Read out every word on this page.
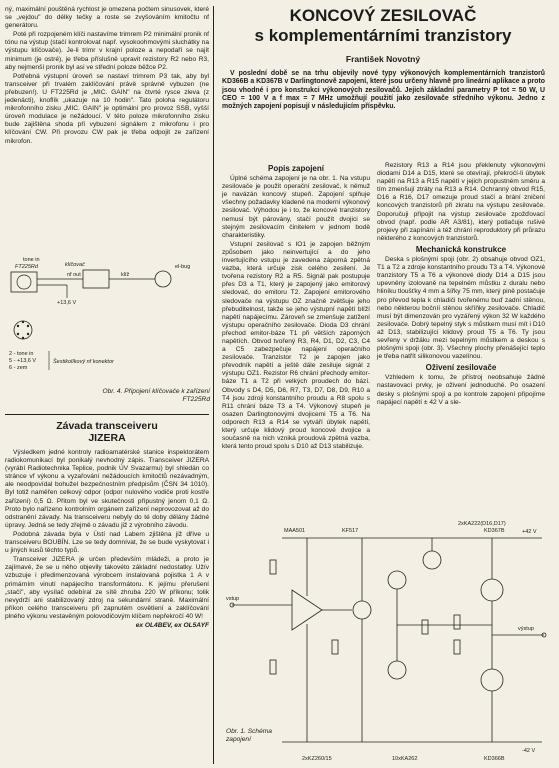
ný, maximální pouštěná rychlost je omezena počtem sinusovek, které se „vejdou" do délky tečky a roste se zvyšováním kmitočtu nf generátoru.

Poté při rozpojeném klíči nastavíme trimrem P2 minimální pronik nf tónu na výstup (stačí kontrolovat např. vysokoohmovými sluchátky na výstupu klíčovače). Je-li trimr v krajní poloze a nepodaří se najít minimum (je ostré), je třeba příslušně upravit rezistory R2 nebo R3, aby nejmenší pronik byl asi ve střední poloze běžce P2.

Potřebná výstupní úroveň se nastaví trimrem P3 tak, aby byl transceiver při trvalém zaklíčování právě správně vybuzen (ne přebuzen!). U FT225Rd je „MIC. GAIN" na čtvrté rysce zleva (z jedenácti), knoflík „ukazuje na 10 hodin". Tato poloha regulátoru mikrofonního zisku „MIC. GAIN" je optimální pro provoz SSB, vyšší úroveň modulace je nežádoucí. V této poloze mikrofonního zisku bude zajištěna shoda při vybuzení signálem z mikrofonu i pro klíčování CW. Při provozu CW pak je třeba odpojit ze zařízení mikrofon.

tone in
FT225Rd
+13,6 V
klíčovač
nf out	klíž
el-bug
2 - tone in
5 - +13,6 V
6 - zem
Šestikolíkový nf konektor
Obr. 4. Připojení klíčovače k zařízení
FT225Rd
Závada transceiveru
JIZERA

Výsledkem jedné kontroly radioamatérské stanice inspektorátem radiokomunikací byl ponikalý nevhodný zápis. Transceiver JIZERA (vyrábí Radiotechnika Teplice, podnik ÚV Svazarmu) byl shledán co stránce vf výkonu a vyzařování nežádoucích kmitočtů nezávadným, ale neodpovídal bohužel bezpečnostním předpisům (ČSN 34 1010). Byl totiž naměřen celkový odpor (odpor nulového vodiče proti kostře zařízení) 0,5 Ω. Přitom byl ve skutečnosti přípustný jenom 0,1 Ω. Proto bylo nařízeno kontrolním orgánem zařízení neprovozovat až do odstranění závady. Na transceiveru nebyly do té doby dělány žádné úpravy. Jedná se tedy zřejmě o závadu již z výrobního závodu.

Podobná závada byla v Ústí nad Labem zjištěna již dříve u transceiveru BOUBÍN. Lze se tedy domnívat, že se bude vyskytovat i u jiných kusů těchto typů.

Transceiver JIZERA je určen především mládeži, a proto je zajímavé, že se u něho objevily takovéto základní nedostatky. Užív vzbuzuje i předimenzovaná výrobcem instalovaná pojistka 1 A v primárním vinutí napájecího transformátoru. K jejímu přerušení „stačí", aby vysílač odebíral ze sítě zhruba 220 W příkonu; tolik nevydrží ani stabilizovaný zdroj na sekundární straně. Maximální příkon celého transceiveru při zapnutém osvětlení a zaklíčování plného výkonu vestavěným polovodičovým klíčem nepřekročí 40 W!

ex OL4BEV, ex OL5AYF
KONCOVÝ ZESILOVAČ
s komplementárními tranzistory
František Novotný

V poslední době se na trhu objevily nové typy výkonových komplementárních tranzistorů KD366B a KD367B v Darlingtonově zapojení, které jsou určeny hlavně pro lineární aplikace a proto jsou vhodné i pro konstrukci výkonových zesilovačů. Jejich základní parametry P tot = 50 W, U CEO = 100 V a f max = 7 MHz umožňují použití jako zesilovače středního výkonu. Jedno z možných zapojení popisují v následujícím příspěvku.

Popis zapojení

Úplné schéma zapojení je na obr. 1. Na vstupu zesilovače je použit operační zesilovač, k němuž je navázán koncový stupeň. Zapojení splňuje všechny požadavky kladené na moderní výkonový zesilovač. Výhodou je i to, že koncové tranzistory nemusí být párovány, stačí použít dvojici se stejným zesilovacím činitelem v jednom bodě charakteristiky.

Vstupní zesilovač s IO1 je zapojen běžným způsobem jako neinvertující a do jeho invertujícího vstupu je zavedena záporná zpětná vazba, která určuje zisk celého zesilení. Je tvořena rezistory R2 a R5. Signál pak postupuje přes D3 a T1, který je zapojený jako emitorový sledovač, do emitoru T2. Zapojení emitorového sledovače na výstupu OZ značně zvětšuje jeho přebuditelnost, takže se jeho výstupní napětí blíží napětí napájecímu. Zároveň se zmenšuje zatížení výstupu operačního zesilovače. Dioda D3 chrání přechod emitor-báze T1 při větších záporných napětích. Obvod tvořený R3, R4, D1, D2, C3, C4 a C5 zabezpečuje napájení operačního zesilovače. Tranzistor T2 je zapojen jako převodník napětí a ještě dále zesiluje signál z výstupu OZ1. Rezistor R6 chrání přechody emitor-báze T1 a T2 při velkých proudech do bází. Obvody s D4, D5, D6, R7, T3, D7, D8, D9, R10 a T4 jsou zdroji konstantního proudu a R8 spolu s R11 chrání báze T3 a T4. Výkonový stupeň je osazen Darlingtonovými dvojicemi T5 a T6. Na odporech R13 a R14 se vytváří úbytek napětí, který určuje klidový proud koncové dvojice a současně na nich vzniká proudová zpětná vazba, která tento proud spolu s D10 až D13 stabilizuje.

Rezistory R13 a R14 jsou překlenuty výkonovými diodami D14 a D15, které se otevírají, překročí-li úbytek napětí na R13 a R15 napětí v jejich propustném směru a tím zmenšují ztráty na R13 a R14. Ochranný obvod R15, D16 a R16, D17 omezuje proud stačí a brání zničení koncových tranzistorů při zkratu na výstupu zesilovače. Doporučuji připojit na výstup zesilovače zpožďovací obvod (např. podle AR A3/81), který potlačuje rušivé projevy při zapínání a též chrání reproduktory při průrazu některého z koncových tranzistorů.

Mechanická konstrukce

Deska s plošnými spoji (obr. 2) obsahuje obvod OZ1, T1 a T2 a zdroje konstantního proudu T3 a T4. Výkonové tranzistory T5 a T6 a výkonové diody D14 a D15 jsou upevněny izolovaně na tepelném můstku z duralu nebo hliníku tloušťky 4 mm a šířky 75 mm, který pině postačuje pro převod tepla k chladiči tvořenému buď zadní stěnou, nebo některou bočníí stěnou skříňky zesilovače. Chladič musí být dimenzován pro vyzářený výkon 32 W každého zesilovače. Dobrý tepelný styk s můstkem musí mít i D10 až D13, stabilizující klidový proud T5 a T6. Ty jsou sevřeny v držáku mezi tepelným můstkem a deskou s plošnými spoji (obr. 3). Všechny plochy přenášející teplo je třeba natřít silikonovou vazelínou.

Oživení zesilovače

Vzhledem k tomu, že přístroj neobsahuje žádné nastavovací prvky, je oživení jednoduché. Po osazení desky s plošnými spoji a po kontrole zapojení připojíme napájecí napětí ± 42 V a sle-

MAA501
vstup
výstup
+42 V
-42 V
KF517
2xKA222(D16,D17)
KD367B
2xKZ260/15	10xKA262	KD366B
Obr. 1. Schéma
zapojení
